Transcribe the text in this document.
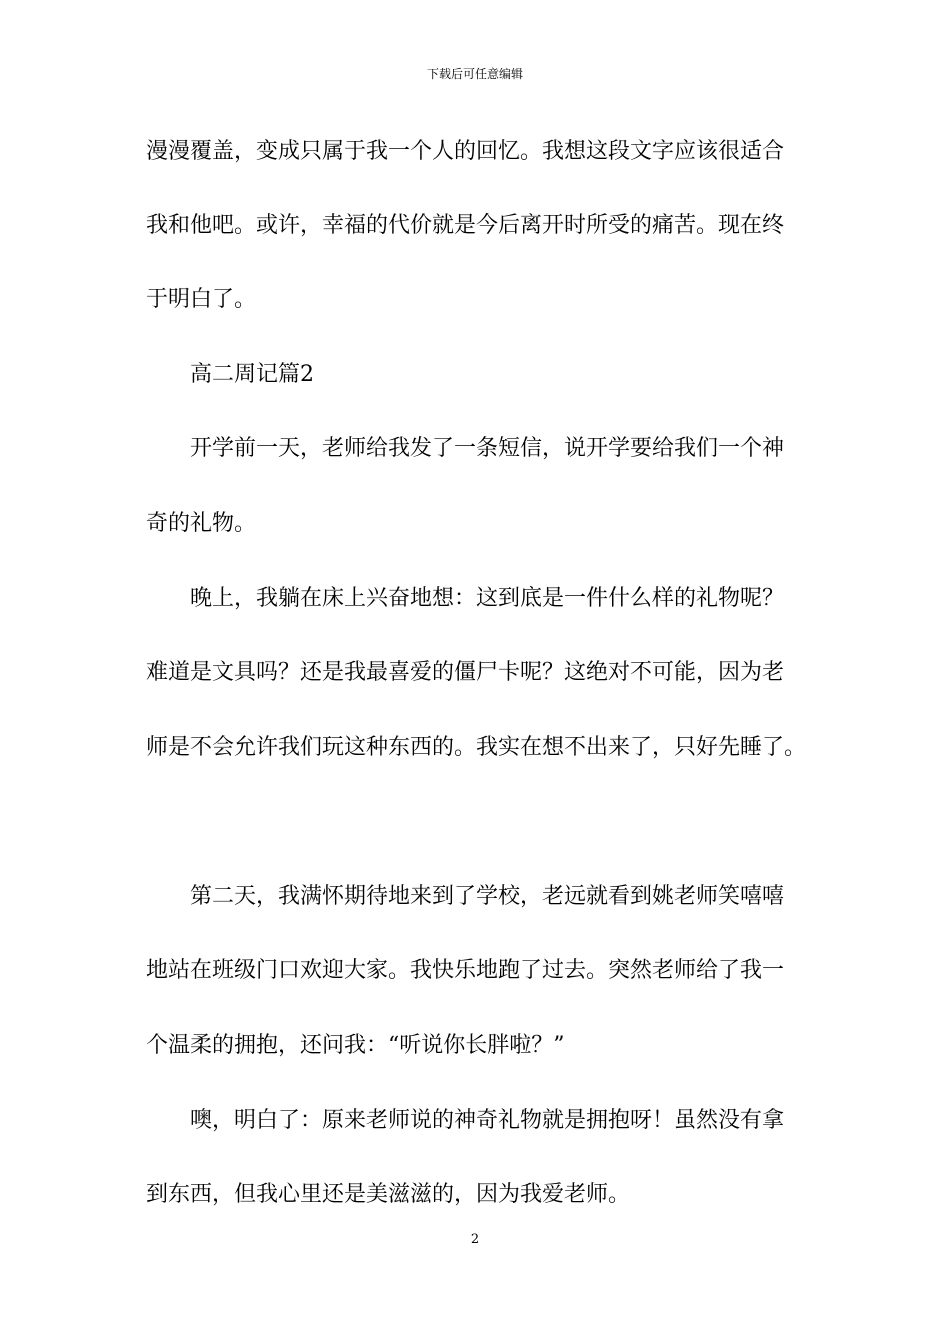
下载后可任意编辑
漫漫覆盖，变成只属于我一个人的回忆。我想这段文字应该很适合
我和他吧。或许，幸福的代价就是今后离开时所受的痛苦。现在终
于明白了。
高二周记篇2
开学前一天，老师给我发了一条短信，说开学要给我们一个神
奇的礼物。
晚上，我躺在床上兴奋地想：这到底是一件什么样的礼物呢？
难道是文具吗？还是我最喜爱的僵尸卡呢？这绝对不可能，因为老
师是不会允许我们玩这种东西的。我实在想不出来了，只好先睡了。
第二天，我满怀期待地来到了学校，老远就看到姚老师笑嘻嘻
地站在班级门口欢迎大家。我快乐地跑了过去。突然老师给了我一
个温柔的拥抱，还问我：“听说你长胖啦？”
噢，明白了：原来老师说的神奇礼物就是拥抱呀！虽然没有拿
到东西，但我心里还是美滋滋的，因为我爱老师。
2
